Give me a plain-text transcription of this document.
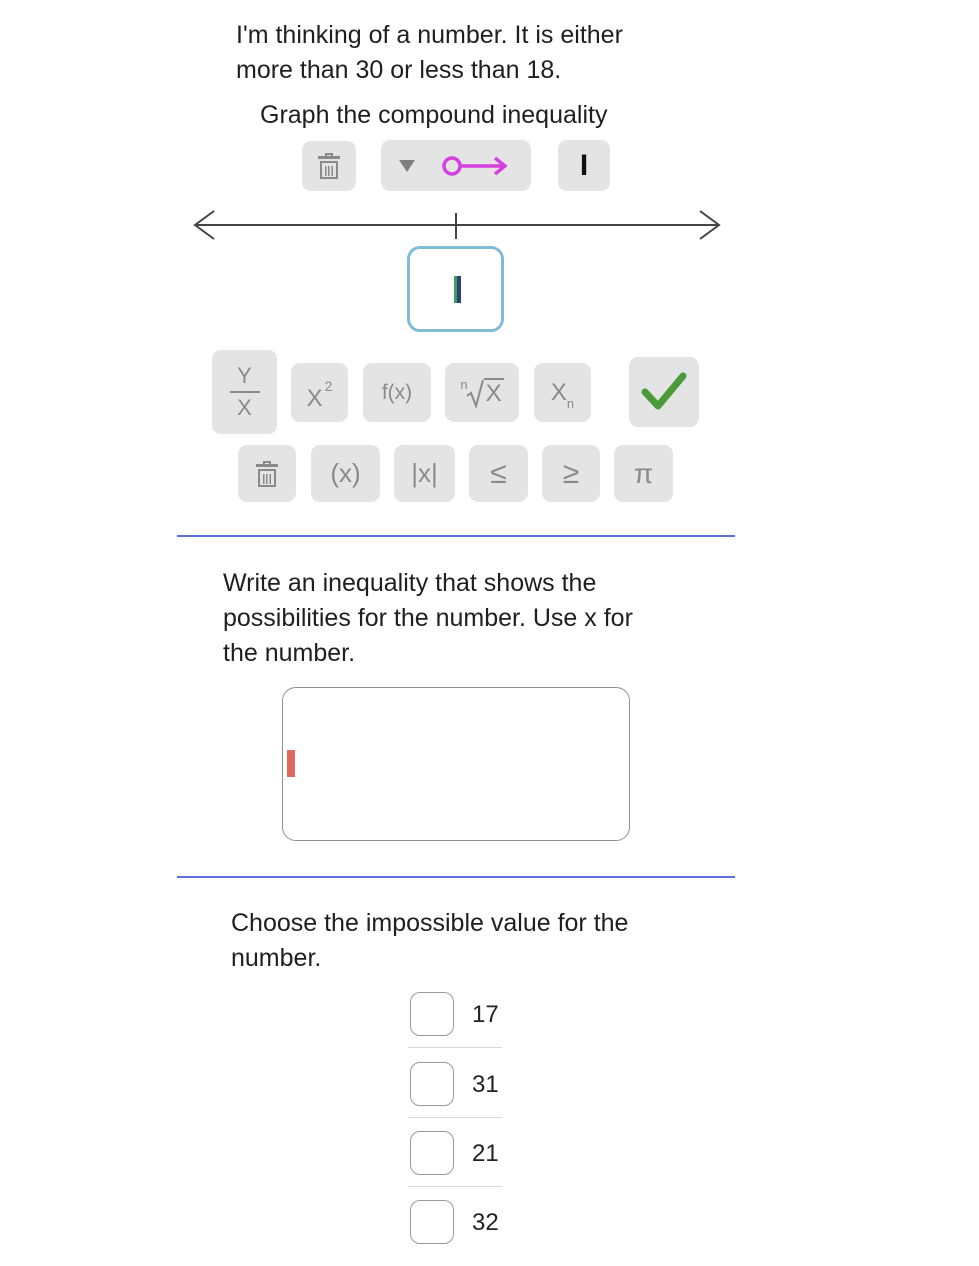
I'm thinking of a number. It is either
more than 30 or less than 18.
Graph the compound inequality
I
Y
X X 2	f(x)	n X X n
(x)	|x|	≤	≥	π
Write an inequality that shows the
possibilities for the number. Use x for
the number.
Choose the impossible value for the
number.
17
31
21
32
